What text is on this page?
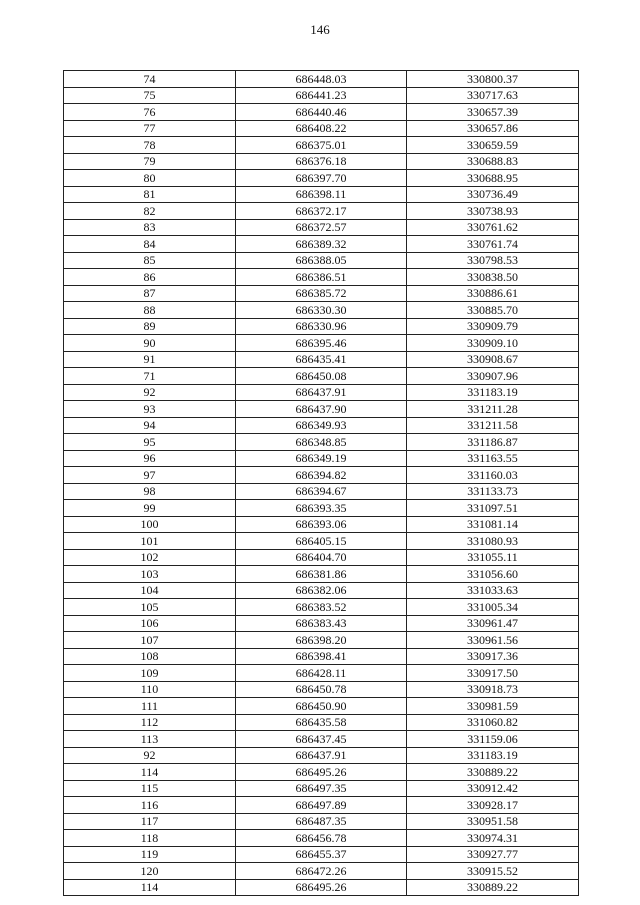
146
74	686448.03	330800.37
75	686441.23	330717.63
76	686440.46	330657.39
77	686408.22	330657.86
78	686375.01	330659.59
79	686376.18	330688.83
80	686397.70	330688.95
81	686398.11	330736.49
82	686372.17	330738.93
83	686372.57	330761.62
84	686389.32	330761.74
85	686388.05	330798.53
86	686386.51	330838.50
87	686385.72	330886.61
88	686330.30	330885.70
89	686330.96	330909.79
90	686395.46	330909.10
91	686435.41	330908.67
71	686450.08	330907.96
92	686437.91	331183.19
93	686437.90	331211.28
94	686349.93	331211.58
95	686348.85	331186.87
96	686349.19	331163.55
97	686394.82	331160.03
98	686394.67	331133.73
99	686393.35	331097.51
100	686393.06	331081.14
101	686405.15	331080.93
102	686404.70	331055.11
103	686381.86	331056.60
104	686382.06	331033.63
105	686383.52	331005.34
106	686383.43	330961.47
107	686398.20	330961.56
108	686398.41	330917.36
109	686428.11	330917.50
110	686450.78	330918.73
111	686450.90	330981.59
112	686435.58	331060.82
113	686437.45	331159.06
92	686437.91	331183.19
114	686495.26	330889.22
115	686497.35	330912.42
116	686497.89	330928.17
117	686487.35	330951.58
118	686456.78	330974.31
119	686455.37	330927.77
120	686472.26	330915.52
114	686495.26	330889.22
